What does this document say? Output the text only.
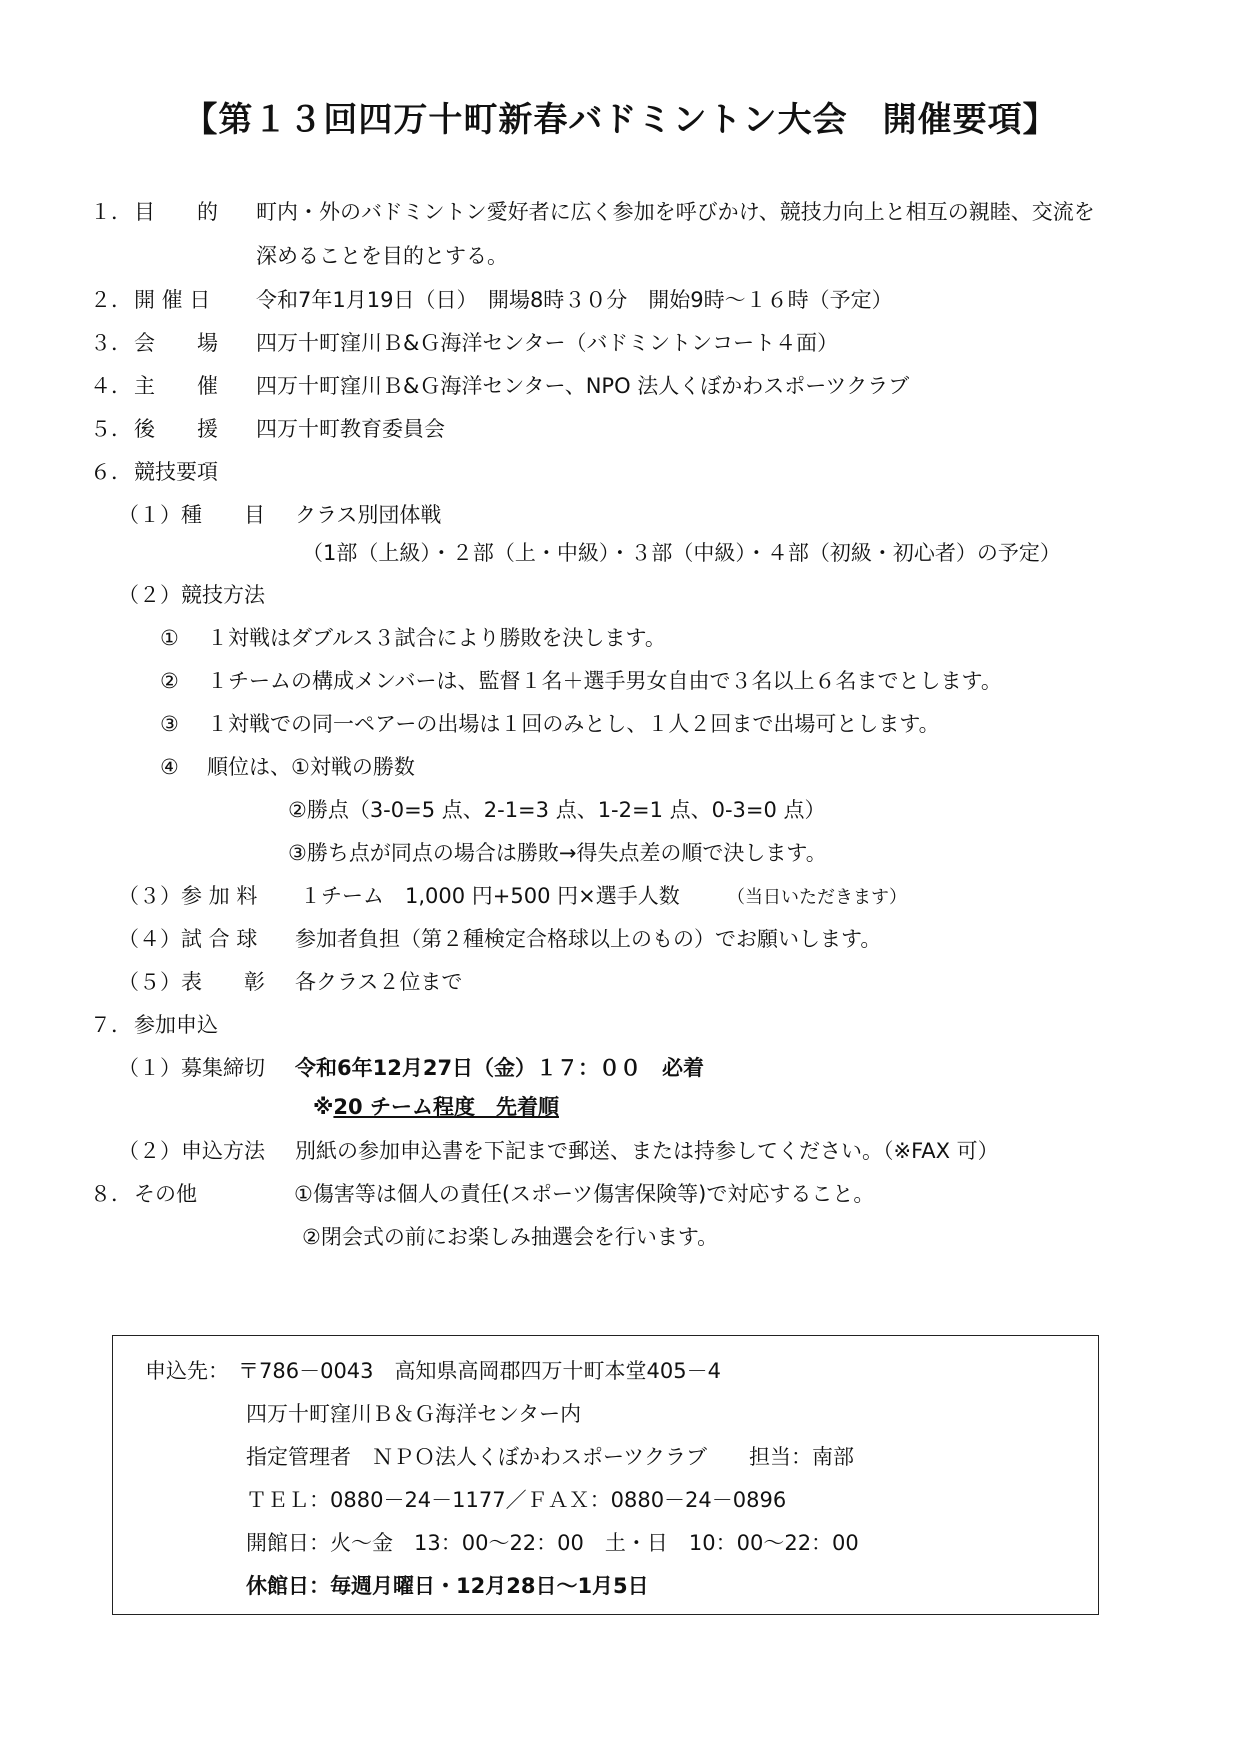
【第１３回四万十町新春バドミントン大会　開催要項】
１． 目　　的 町内・外のバドミントン愛好者に広く参加を呼びかけ、競技力向上と相互の親睦、交流を
深めることを目的とする。
２． 開 催 日 令和7年1月19日（日）　開場8時３０分　開始9時～１６時（予定）
３． 会　　場 四万十町窪川Ｂ&Ｇ海洋センター（バドミントンコート４面）
４． 主　　催 四万十町窪川Ｂ&Ｇ海洋センター、NPO 法人くぼかわスポーツクラブ
５． 後　　援 四万十町教育委員会
６． 競技要項
（１）種　　目 クラス別団体戦
（1部（上級）・２部（上・中級）・３部（中級）・４部（初級・初心者）の予定）
（２）競技方法
① １対戦はダブルス３試合により勝敗を決します。
② １チームの構成メンバーは、監督１名＋選手男女自由で３名以上６名までとします。
③ １対戦での同一ペアーの出場は１回のみとし、１人２回まで出場可とします。
④ 順位は、①対戦の勝数
②勝点（3-0=5 点、2-1=3 点、1-2=1 点、0-3=0 点）
③勝ち点が同点の場合は勝敗→得失点差の順で決します。
（３）参 加 料 １チーム　1,000 円+500 円×選手人数	（当日いただきます）
（４）試 合 球 参加者負担（第２種検定合格球以上のもの）でお願いします。
（５）表　　彰 各クラス２位まで
７． 参加申込
（１）募集締切 令和6年12月27日（金）１７：００　必着
※20 チーム程度　先着順
（２）申込方法 別紙の参加申込書を下記まで郵送、または持参してください。（※FAX 可）
８． その他	①傷害等は個人の責任(スポーツ傷害保険等)で対応すること。
②閉会式の前にお楽しみ抽選会を行います。
申込先： 〒786－0043　高知県高岡郡四万十町本堂405－4
四万十町窪川Ｂ＆Ｇ海洋センター内
指定管理者　ＮＰＯ法人くぼかわスポーツクラブ　　担当：南部
ＴＥＬ：0880－24－1177／ＦＡＸ：0880－24－0896
開館日：火～金　13：00～22：00　土・日　10：00～22：00
休館日：毎週月曜日・12月28日～1月5日
